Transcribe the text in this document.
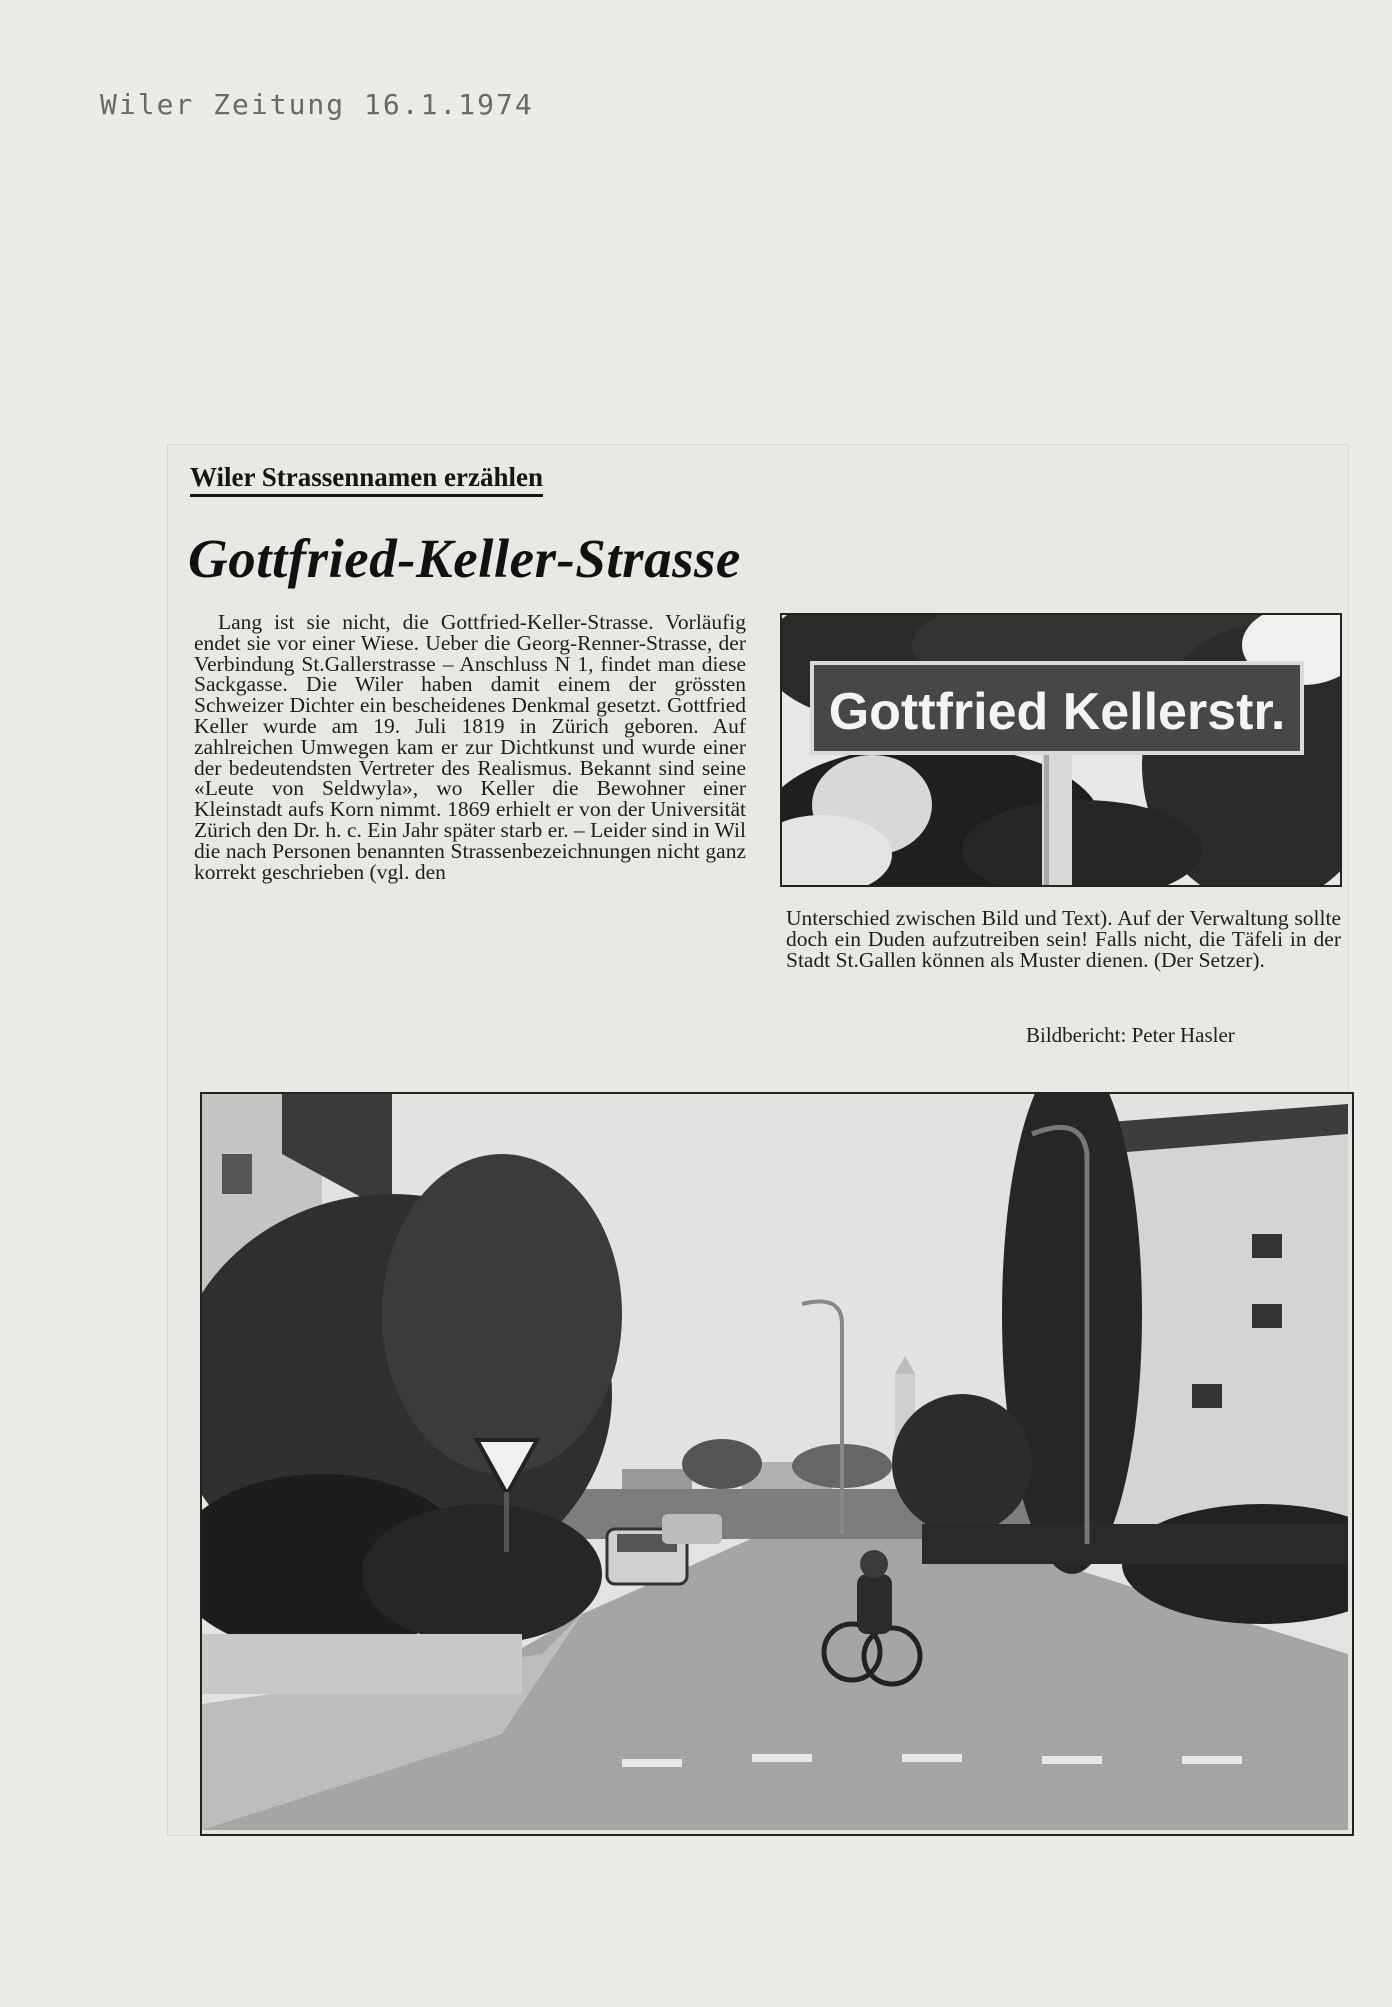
Wiler Zeitung 16.1.1974
Wiler Strassennamen erzählen
Gottfried-Keller-Strasse

Lang ist sie nicht, die Gottfried-Keller-Strasse. Vorläufig endet sie vor einer Wiese. Ueber die Georg-Renner-Strasse, der Verbindung St.Gallerstrasse – Anschluss N 1, findet man diese Sackgasse. Die Wiler haben damit einem der grössten Schweizer Dichter ein bescheidenes Denkmal gesetzt. Gottfried Keller wurde am 19. Juli 1819 in Zürich geboren. Auf zahlreichen Umwegen kam er zur Dichtkunst und wurde einer der bedeutendsten Vertreter des Realismus. Bekannt sind seine «Leute von Seldwyla», wo Keller die Bewohner einer Kleinstadt aufs Korn nimmt. 1869 erhielt er von der Universität Zürich den Dr. h. c. Ein Jahr später starb er. – Leider sind in Wil die nach Personen benannten Strassenbezeichnungen nicht ganz korrekt geschrieben (vgl. den

Gottfried Kellerstr.

Unterschied zwischen Bild und Text). Auf der Verwaltung sollte doch ein Duden aufzutreiben sein! Falls nicht, die Täfeli in der Stadt St.Gallen können als Muster dienen. (Der Setzer).

Bildbericht: Peter Hasler
